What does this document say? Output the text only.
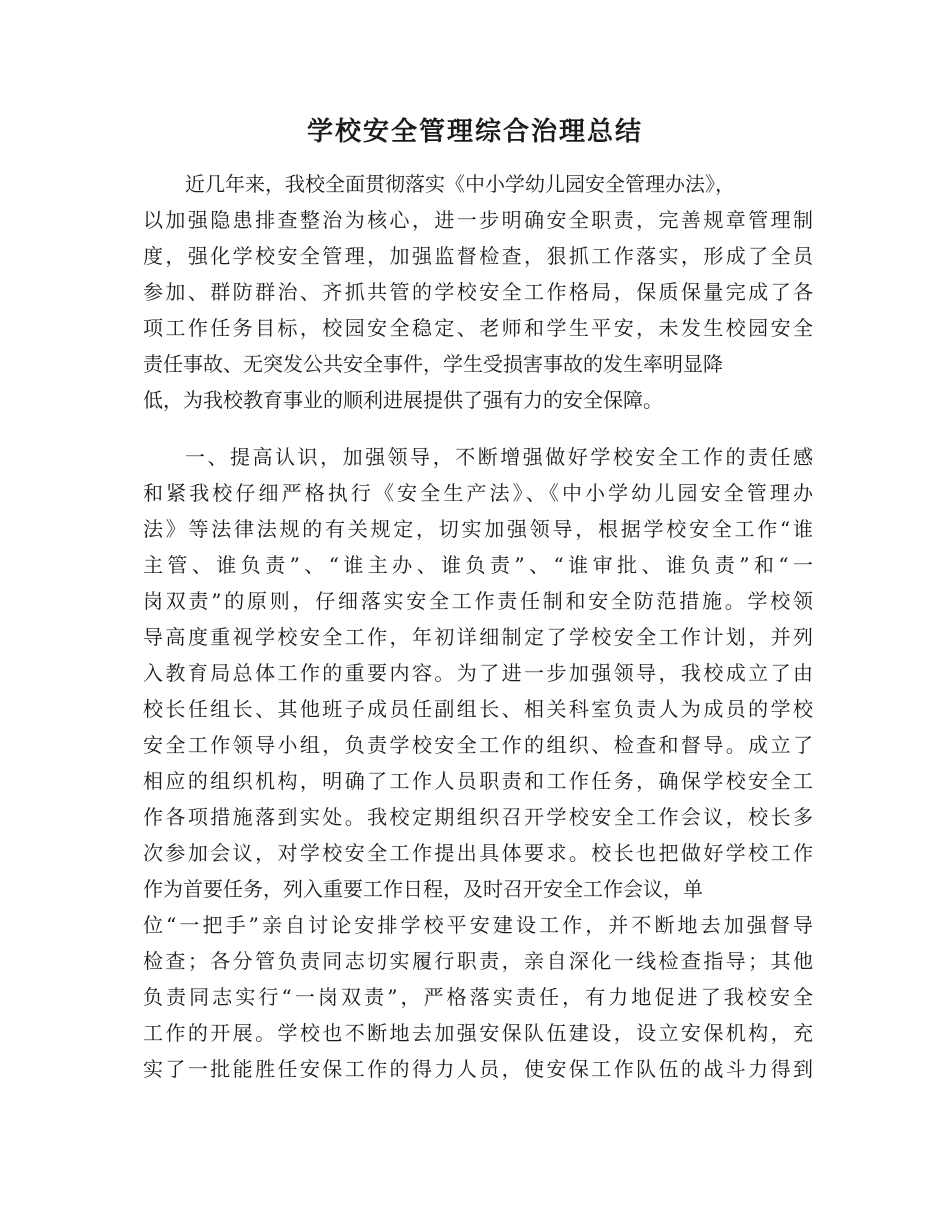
学校安全管理综合治理总结
近几年来，我校全面贯彻落实《中小学幼儿园安全管理办法》，
以加强隐患排查整治为核心，进一步明确安全职责，完善规章管理制
度，强化学校安全管理，加强监督检查，狠抓工作落实，形成了全员
参加、群防群治、齐抓共管的学校安全工作格局，保质保量完成了各
项工作任务目标，校园安全稳定、老师和学生平安，未发生校园安全
责任事故、无突发公共安全事件，学生受损害事故的发生率明显降
低，为我校教育事业的顺利进展提供了强有力的安全保障。
一、提高认识，加强领导，不断增强做好学校安全工作的责任感
和紧我校仔细严格执行《安全生产法》、《中小学幼儿园安全管理办
法》等法律法规的有关规定，切实加强领导，根据学校安全工作“谁
主管、谁负责”、“谁主办、谁负责”、“谁审批、谁负责”和“一
岗双责”的原则，仔细落实安全工作责任制和安全防范措施。学校领
导高度重视学校安全工作，年初详细制定了学校安全工作计划，并列
入教育局总体工作的重要内容。为了进一步加强领导，我校成立了由
校长任组长、其他班子成员任副组长、相关科室负责人为成员的学校
安全工作领导小组，负责学校安全工作的组织、检查和督导。成立了
相应的组织机构，明确了工作人员职责和工作任务，确保学校安全工
作各项措施落到实处。我校定期组织召开学校安全工作会议，校长多
次参加会议，对学校安全工作提出具体要求。校长也把做好学校工作
作为首要任务，列入重要工作日程，及时召开安全工作会议，单
位“一把手”亲自讨论安排学校平安建设工作，并不断地去加强督导
检查；各分管负责同志切实履行职责，亲自深化一线检查指导；其他
负责同志实行“一岗双责”，严格落实责任，有力地促进了我校安全
工作的开展。学校也不断地去加强安保队伍建设，设立安保机构，充
实了一批能胜任安保工作的得力人员，使安保工作队伍的战斗力得到
